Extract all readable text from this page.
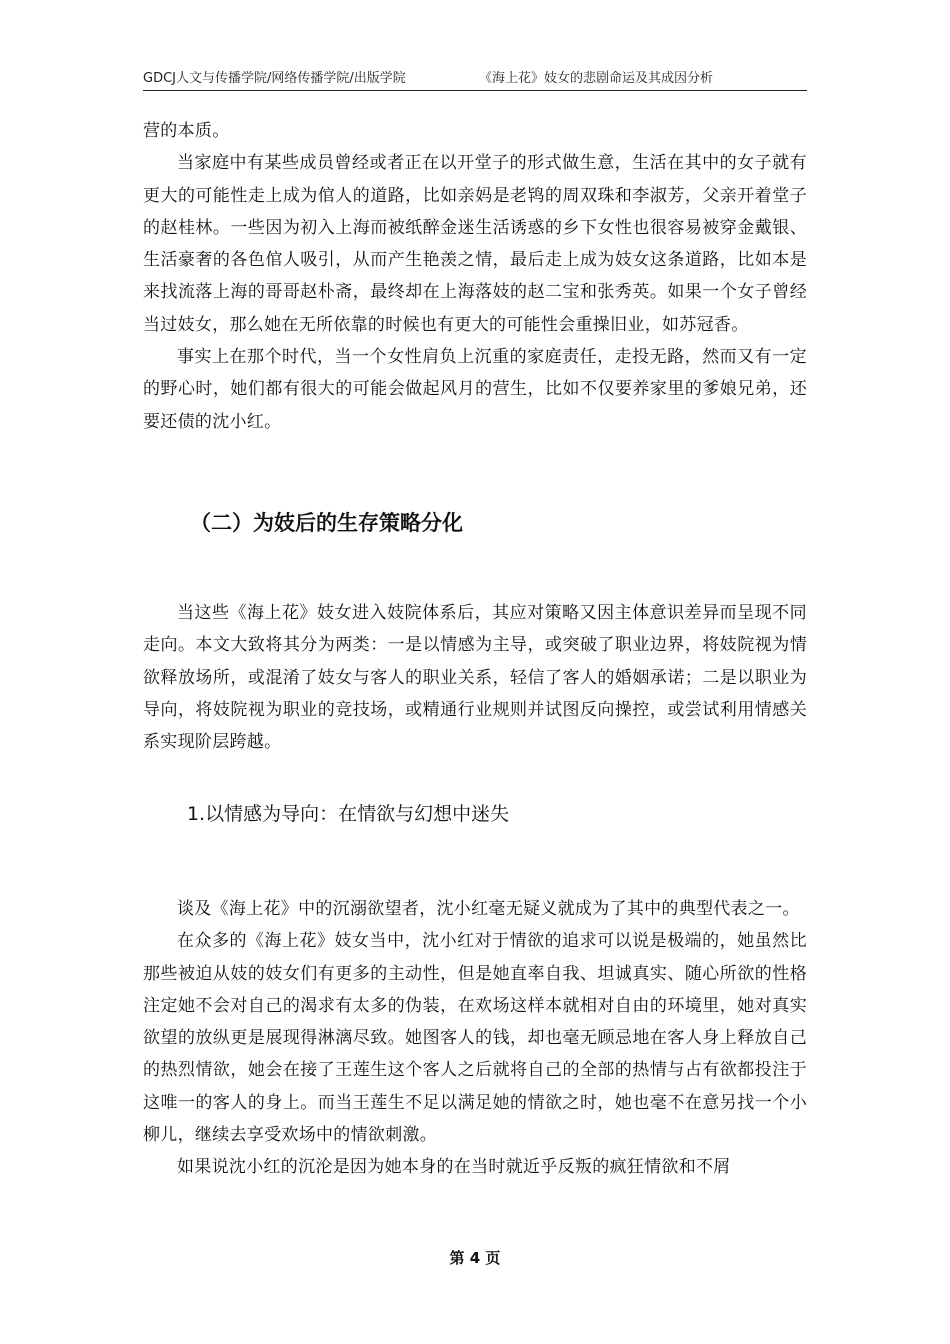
GDCJ人文与传播学院/网络传播学院/出版学院	《海上花》妓女的悲剧命运及其成因分析

营的本质。

当家庭中有某些成员曾经或者正在以开堂子的形式做生意，生活在其中的女子就有更大的可能性走上成为倌人的道路，比如亲妈是老鸨的周双珠和李淑芳，父亲开着堂子的赵桂林。一些因为初入上海而被纸醉金迷生活诱惑的乡下女性也很容易被穿金戴银、生活豪奢的各色倌人吸引，从而产生艳羡之情，最后走上成为妓女这条道路，比如本是来找流落上海的哥哥赵朴斋，最终却在上海落妓的赵二宝和张秀英。如果一个女子曾经当过妓女，那么她在无所依靠的时候也有更大的可能性会重操旧业，如苏冠香。

事实上在那个时代，当一个女性肩负上沉重的家庭责任，走投无路，然而又有一定的野心时，她们都有很大的可能会做起风月的营生，比如不仅要养家里的爹娘兄弟，还要还债的沈小红。

（二）为妓后的生存策略分化

当这些《海上花》妓女进入妓院体系后，其应对策略又因主体意识差异而呈现不同走向。本文大致将其分为两类：一是以情感为主导，或突破了职业边界，将妓院视为情欲释放场所，或混淆了妓女与客人的职业关系，轻信了客人的婚姻承诺；二是以职业为导向，将妓院视为职业的竞技场，或精通行业规则并试图反向操控，或尝试利用情感关系实现阶层跨越。

1.以情感为导向：在情欲与幻想中迷失

谈及《海上花》中的沉溺欲望者，沈小红毫无疑义就成为了其中的典型代表之一。

在众多的《海上花》妓女当中，沈小红对于情欲的追求可以说是极端的，她虽然比那些被迫从妓的妓女们有更多的主动性，但是她直率自我、坦诚真实、随心所欲的性格注定她不会对自己的渴求有太多的伪装，在欢场这样本就相对自由的环境里，她对真实欲望的放纵更是展现得淋漓尽致。她图客人的钱，却也毫无顾忌地在客人身上释放自己的热烈情欲，她会在接了王莲生这个客人之后就将自己的全部的热情与占有欲都投注于这唯一的客人的身上。而当王莲生不足以满足她的情欲之时，她也毫不在意另找一个小柳儿，继续去享受欢场中的情欲刺激。

如果说沈小红的沉沦是因为她本身的在当时就近乎反叛的疯狂情欲和不屑

第 4 页
